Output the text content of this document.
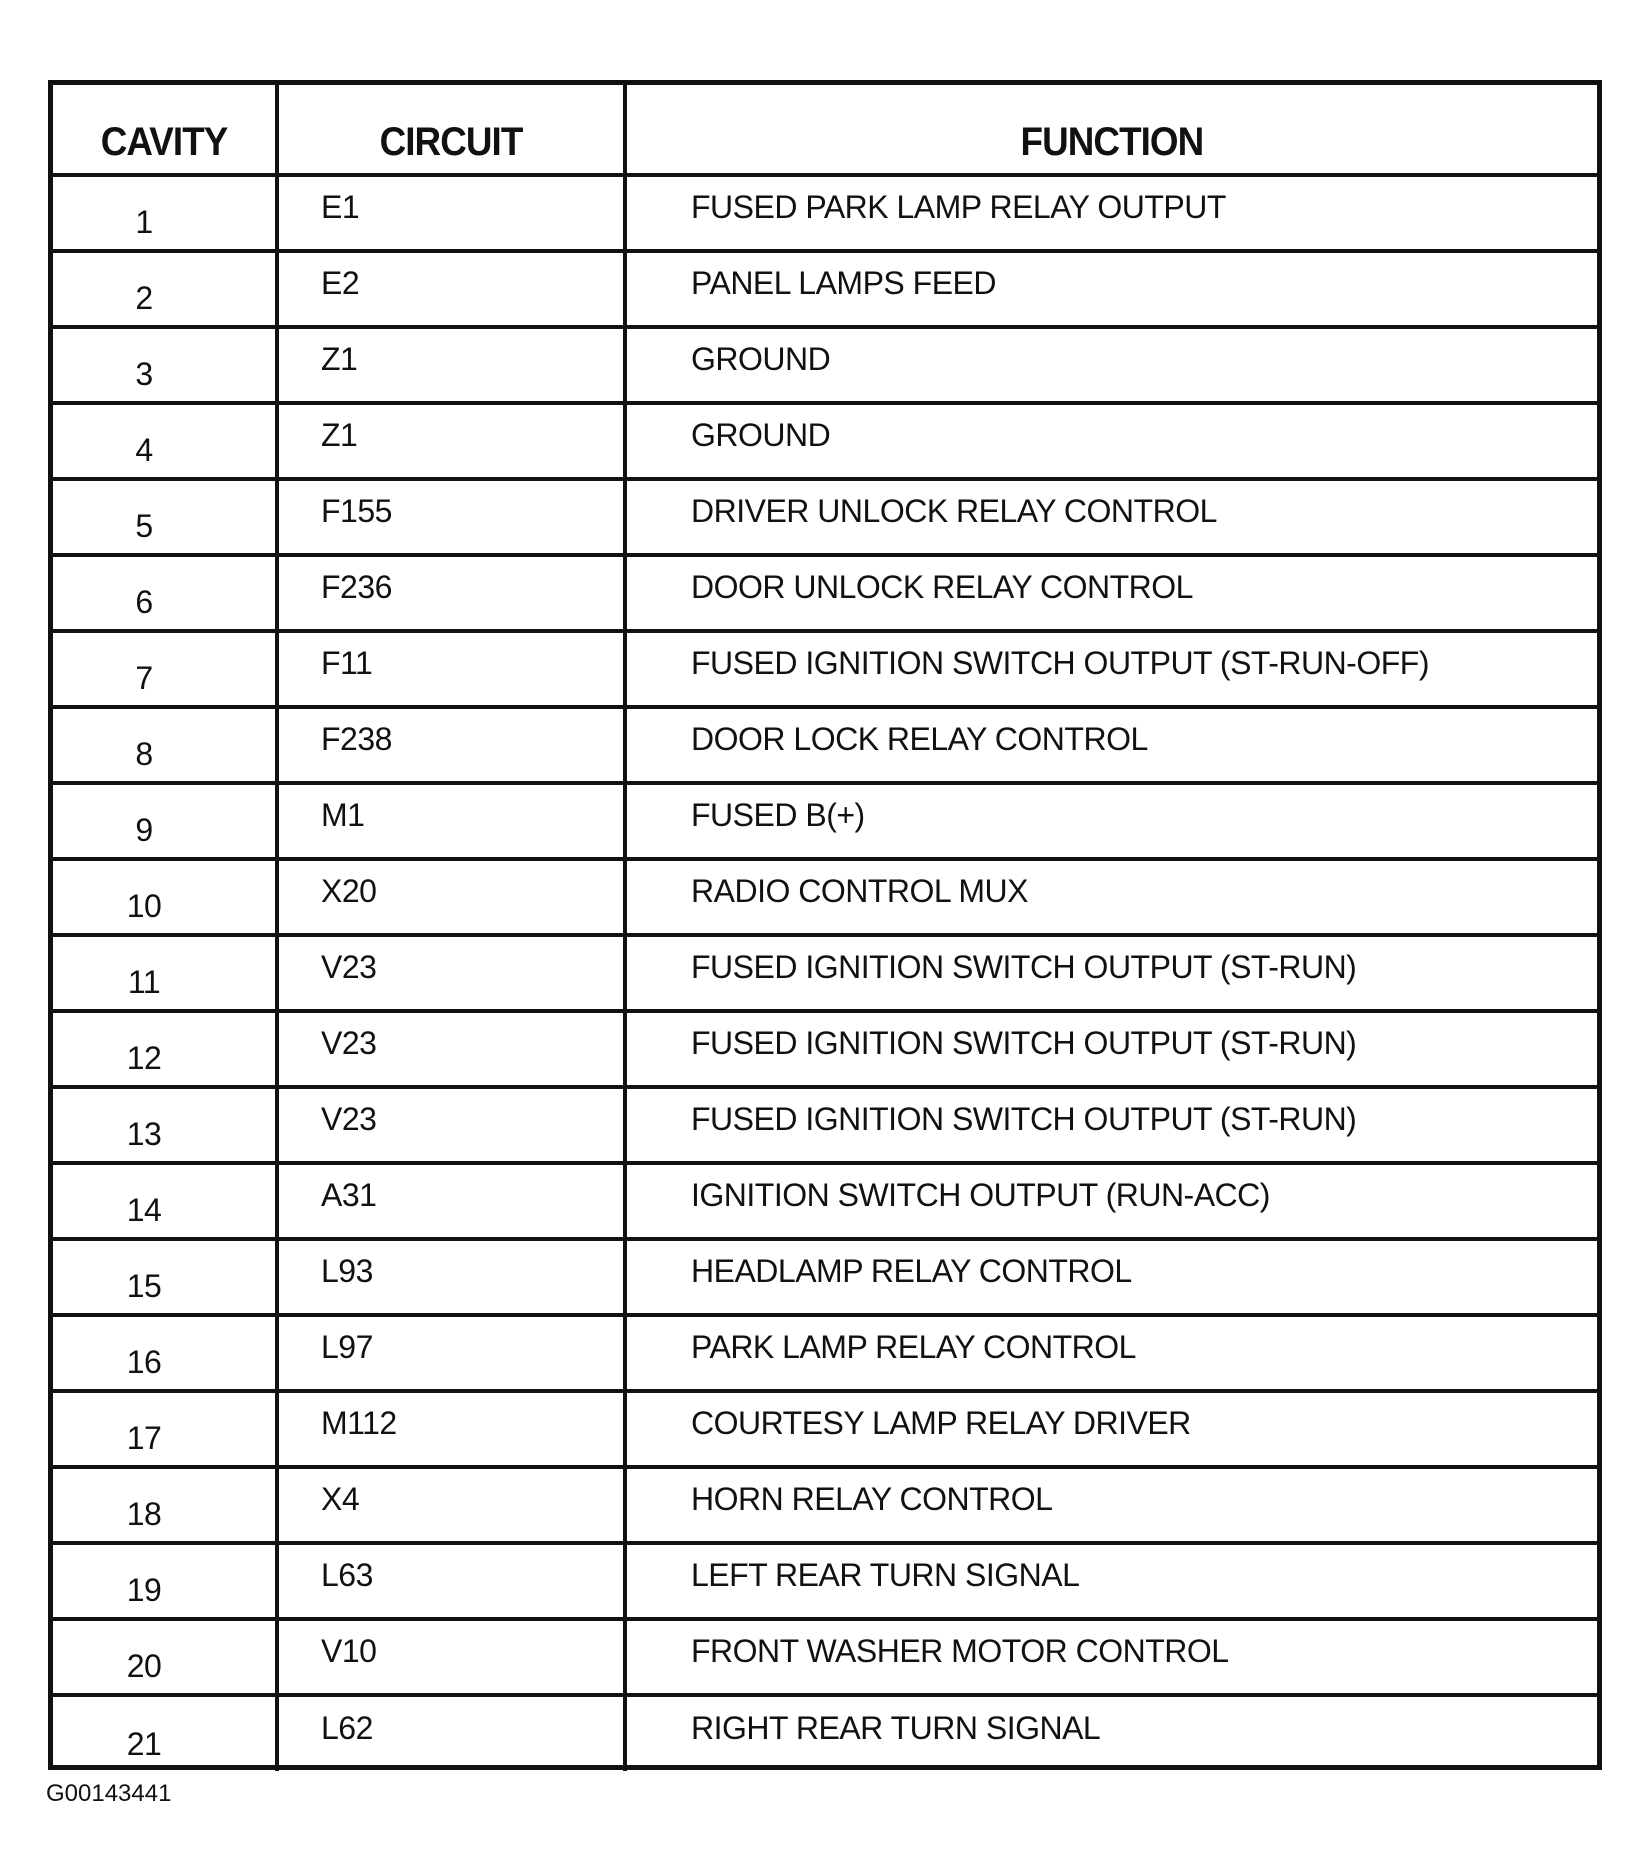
CAVITY	CIRCUIT	FUNCTION
1	E1	FUSED PARK LAMP RELAY OUTPUT
2	E2	PANEL LAMPS FEED
3	Z1	GROUND
4	Z1	GROUND
5	F155	DRIVER UNLOCK RELAY CONTROL
6	F236	DOOR UNLOCK RELAY CONTROL
7	F11	FUSED IGNITION SWITCH OUTPUT (ST-RUN-OFF)
8	F238	DOOR LOCK RELAY CONTROL
9	M1	FUSED B(+)
10	X20	RADIO CONTROL MUX
11	V23	FUSED IGNITION SWITCH OUTPUT (ST-RUN)
12	V23	FUSED IGNITION SWITCH OUTPUT (ST-RUN)
13	V23	FUSED IGNITION SWITCH OUTPUT (ST-RUN)
14	A31	IGNITION SWITCH OUTPUT (RUN-ACC)
15	L93	HEADLAMP RELAY CONTROL
16	L97	PARK LAMP RELAY CONTROL
17	M112	COURTESY LAMP RELAY DRIVER
18	X4	HORN RELAY CONTROL
19	L63	LEFT REAR TURN SIGNAL
20	V10	FRONT WASHER MOTOR CONTROL
21	L62	RIGHT REAR TURN SIGNAL
G00143441
